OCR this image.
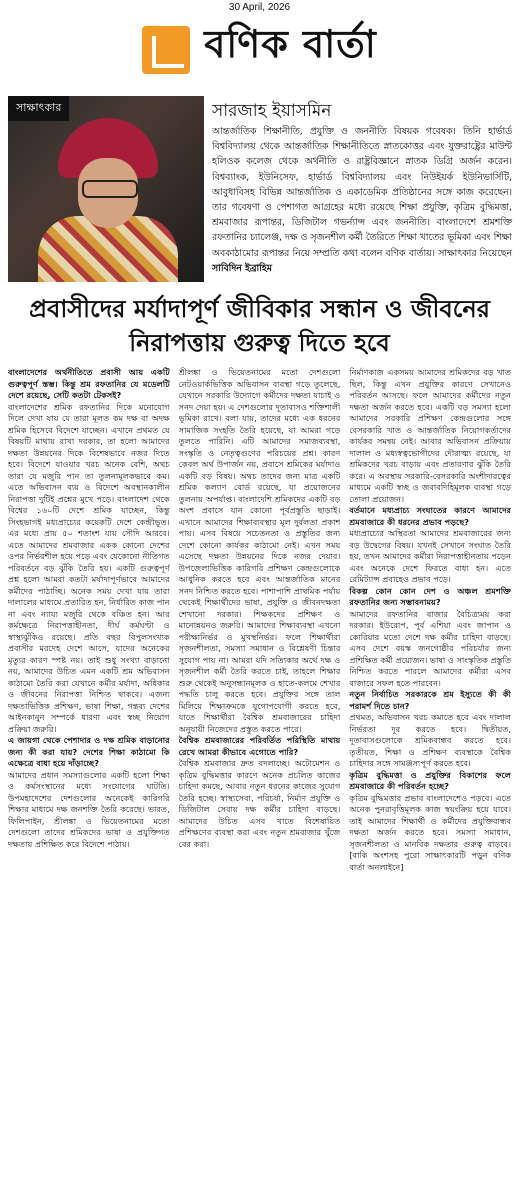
30 April, 2026
বণিক বার্তা
সাক্ষাৎকার	সারজাহ ইয়াসমিন
আন্তর্জাতিক শিক্ষানীতি, প্রযুক্তি ও জননীতি বিষয়ক গবেষক। তিনি হার্ভার্ড বিশ্ববিদ্যালয় থেকে আন্তর্জাতিক শিক্ষানীতিতে স্নাতকোত্তর এবং যুক্তরাষ্ট্রের মাউন্ট হলিওক কলেজ থেকে অর্থনীতি ও রাষ্ট্রবিজ্ঞানে স্নাতক ডিগ্রি অর্জন করেন। বিশ্বব্যাংক, ইউনিসেফ, হার্ভার্ড বিশ্ববিদ্যালয় এবং নিউইয়র্ক ইউনিভার্সিটি, আবুধাবিসহ বিভিন্ন আন্তর্জাতিক ও একাডেমিক প্রতিষ্ঠানের সঙ্গে কাজ করেছেন। তার গবেষণা ও পেশাগত আগ্রহের মধ্যে রয়েছে শিক্ষা প্রযুক্তি, কৃত্রিম বুদ্ধিমত্তা, শ্রমবাজার রূপান্তর, ডিজিটাল গভর্ন্যান্স এবং জননীতি। বাংলাদেশে শ্রমশক্তি রফতানির চ্যালেঞ্জ, দক্ষ ও সৃজনশীল কর্মী তৈরিতে শিক্ষা খাতের ভূমিকা এবং শিক্ষা অবকাঠামোর রূপান্তর নিয়ে সম্প্রতি কথা বলেন বণিক বার্তায়। সাক্ষাৎকার নিয়েছেন সাবিদিন ইব্রাহিম
প্রবাসীদের মর্যাদাপূর্ণ জীবিকার সন্ধান ও জীবনের নিরাপত্তায় গুরুত্ব দিতে হবে

বাংলাদেশের অর্থনীতিতে প্রবাসী আয় একটি গুরুত্বপূর্ণ স্তম্ভ। কিন্তু শ্রম রফতানির যে মডেলটি দেশে রয়েছে, সেটি কতটা টেকসই?

বাংলাদেশের শ্রমিক রফতানির দিকে মনোযোগ দিলে দেখা যায় যে তারা মূলত কম দক্ষ বা অদক্ষ শ্রমিক হিসেবে বিদেশে যাচ্ছেন। এখানে প্রথমত যে বিষয়টি মাথায় রাখা দরকার, তা হলো আমাদের দক্ষতা উন্নয়নের দিকে বিশেষভাবে নজর দিতে হবে। বিদেশে যাওয়ার খরচ অনেক বেশি, অথচ তারা যে মজুরি পান তা তুলনামূলকভাবে কম। এতে অভিবাসন ব্যয় ও বিদেশে অবস্থানকালীন নিরাপত্তা দুটিই প্রশ্নের মুখে পড়ে। বাংলাদেশ থেকে বিশ্বের ১৬০টি দেশে শ্রমিক যাচ্ছেন, কিন্তু সিংহভাগই মধ্যপ্রাচ্যের কয়েকটি দেশে কেন্দ্রীভূত। এর মধ্যে প্রায় ৫০ শতাংশ যায় সৌদি আরবে। এতে আমাদের শ্রমবাজার একক কোনো দেশের ওপর নির্ভরশীল হয়ে পড়ে এবং যেকোনো নীতিগত পরিবর্তনে বড় ঝুঁকি তৈরি হয়। একটি গুরুত্বপূর্ণ প্রশ্ন হলো আমরা কতটা মর্যাদাপূর্ণভাবে আমাদের কর্মীদের পাঠাচ্ছি। অনেক সময় দেখা যায় তারা দালালের মাধ্যমে প্রতারিত হন, নির্ধারিত কাজ পান না এবং ন্যায্য মজুরি থেকে বঞ্চিত হন। আর কর্মক্ষেত্রে নিরাপত্তাহীনতা, দীর্ঘ কর্মঘণ্টা ও স্বাস্থ্যঝুঁকিও রয়েছে। প্রতি বছর বিপুলসংখ্যক প্রবাসীর মরদেহ দেশে আসে, যাদের অনেকের মৃত্যুর কারণ স্পষ্ট নয়। তাই শুধু সংখ্যা বাড়ানো নয়, আমাদের উচিত এমন একটি শ্রম অভিবাসন কাঠামো তৈরি করা যেখানে কর্মীর মর্যাদা, অধিকার ও জীবনের নিরাপত্তা নিশ্চিত থাকবে। এজন্য দক্ষতাভিত্তিক প্রশিক্ষণ, ভাষা শিক্ষা, গন্তব্য দেশের আইনকানুন সম্পর্কে ধারণা এবং স্বচ্ছ নিয়োগ প্রক্রিয়া জরুরি।

এ জায়গা থেকে পেশাদার ও দক্ষ শ্রমিক বাড়ানোর জন্য কী করা যায়? দেশের শিক্ষা কাঠামো কি এক্ষেত্রে বাধা হয়ে দাঁড়াচ্ছে?

আমাদের প্রধান সমস্যাগুলোর একটি হলো শিক্ষা ও কর্মসংস্থানের মধ্যে সংযোগের ঘাটতি। উপমহাদেশের দেশগুলোর অনেকেই কারিগরি শিক্ষার মাধ্যমে দক্ষ জনশক্তি তৈরি করেছে। ভারত, ফিলিপাইন, শ্রীলঙ্কা ও ভিয়েতনামের মতো দেশগুলো তাদের শ্রমিকদের ভাষা ও প্রযুক্তিগত দক্ষতায় প্রশিক্ষিত করে বিদেশে পাঠায়।

শ্রীলঙ্কা ও ভিয়েতনামের মতো দেশগুলো নেটওয়ার্কভিত্তিক অভিবাসন ব্যবস্থা গড়ে তুলেছে, যেখানে সরকারি উদ্যোগে কর্মীদের দক্ষতা যাচাই ও সনদ দেয়া হয়। এ দেশগুলোর দূতাবাসও শক্তিশালী ভূমিকা রাখে। বলা যায়, তাদের মধ্যে এক ধরনের সামাজিক সংহতি তৈরি হয়েছে, যা আমরা গড়ে তুলতে পারিনি। এটি আমাদের সমাজব্যবস্থা, সংস্কৃতি ও নেতৃত্বগুণের পরিচয়ের প্রশ্ন। কারণ কেবল অর্থ উপার্জন নয়, প্রবাসে শ্রমিকের মর্যাদাও একটি বড় বিষয়। অথচ তাদের জন্য মাত্র একটি শ্রমিক কল্যাণ বোর্ড রয়েছে, যা প্রয়োজনের তুলনায় অপর্যাপ্ত। বাংলাদেশি শ্রমিকদের একটি বড় অংশ প্রবাসে যান কোনো পূর্বপ্রস্তুতি ছাড়াই। এখানে আমাদের শিক্ষাব্যবস্থার মূল দুর্বলতা প্রকাশ পায়। এসব বিষয়ে সচেতনতা ও প্রস্তুতির জন্য দেশে কোনো কার্যকর কাঠামো নেই। এখন সময় এসেছে দক্ষতা উন্নয়নের দিকে নজর দেয়ার। উপজেলাভিত্তিক কারিগরি প্রশিক্ষণ কেন্দ্রগুলোকে আধুনিক করতে হবে এবং আন্তর্জাতিক মানের সনদ নিশ্চিত করতে হবে। পাশাপাশি প্রাথমিক পর্যায় থেকেই শিক্ষার্থীদের ভাষা, প্রযুক্তি ও জীবনদক্ষতা শেখানো দরকার। শিক্ষকদের প্রশিক্ষণ ও মানোন্নয়নও জরুরি। আমাদের শিক্ষাব্যবস্থা এখনো পরীক্ষানির্ভর ও মুখস্থনির্ভর। ফলে শিক্ষার্থীরা সৃজনশীলতা, সমস্যা সমাধান ও বিশ্লেষণী চিন্তার সুযোগ পায় না। আমরা যদি সত্যিকার অর্থে দক্ষ ও সৃজনশীল কর্মী তৈরি করতে চাই, তাহলে শিক্ষার শুরু থেকেই অনুসন্ধানমূলক ও হাতে-কলমে শেখার পদ্ধতি চালু করতে হবে। প্রযুক্তির সঙ্গে তাল মিলিয়ে শিক্ষাক্রমকে যুগোপযোগী করতে হবে, যাতে শিক্ষার্থীরা বৈশ্বিক শ্রমবাজারের চাহিদা অনুযায়ী নিজেদের প্রস্তুত করতে পারে।

বৈশ্বিক শ্রমবাজারের পরিবর্তিত পরিস্থিতি মাথায় রেখে আমরা কীভাবে এগোতে পারি?

বৈশ্বিক শ্রমবাজার দ্রুত বদলাচ্ছে। অটোমেশন ও কৃত্রিম বুদ্ধিমত্তার কারণে অনেক প্রচলিত কাজের চাহিদা কমছে, আবার নতুন ধরনের কাজের সুযোগ তৈরি হচ্ছে। স্বাস্থ্যসেবা, পরিচর্যা, নির্মাণ প্রযুক্তি ও ডিজিটাল সেবায় দক্ষ কর্মীর চাহিদা বাড়ছে। আমাদের উচিত এসব খাতে বিশেষায়িত প্রশিক্ষণের ব্যবস্থা করা এবং নতুন শ্রমবাজার খুঁজে বের করা।

নির্মাণকাজ একসময় আমাদের শ্রমিকদের বড় খাত ছিল, কিন্তু এখন প্রযুক্তির কারণে সেখানেও পরিবর্তন আসছে। ফলে আমাদের কর্মীদের নতুন দক্ষতা অর্জন করতে হবে। একটি বড় সমস্যা হলো আমাদের সরকারি প্রশিক্ষণ কেন্দ্রগুলোর সঙ্গে বেসরকারি খাত ও আন্তর্জাতিক নিয়োগকর্তাদের কার্যকর সমন্বয় নেই। আবার অভিবাসন প্রক্রিয়ায় দালাল ও মধ্যস্বত্বভোগীদের দৌরাত্ম্য রয়েছে, যা শ্রমিকদের খরচ বাড়ায় এবং প্রতারণার ঝুঁকি তৈরি করে। এ অবস্থায় সরকারি-বেসরকারি অংশীদারত্বের মাধ্যমে একটি স্বচ্ছ ও জবাবদিহিমূলক ব্যবস্থা গড়ে তোলা প্রয়োজন।

বর্তমানে মধ্যপ্রাচ্য সংঘাতের কারণে আমাদের শ্রমবাজারে কী ধরনের প্রভাব পড়ছে?

মধ্যপ্রাচ্যের অস্থিরতা আমাদের শ্রমবাজারের জন্য বড় উদ্বেগের বিষয়। যখনই সেখানে সংঘাত তৈরি হয়, তখন আমাদের কর্মীরা নিরাপত্তাহীনতায় পড়েন এবং অনেকে দেশে ফিরতে বাধ্য হন। এতে রেমিট্যান্স প্রবাহেও প্রভাব পড়ে।

বিকল্প কোন কোন দেশ ও অঞ্চল শ্রমশক্তি রফতানির জন্য সম্ভাবনাময়?

আমাদের রফতানির বাজার বৈচিত্র্যময় করা দরকার। ইউরোপ, পূর্ব এশিয়া এবং জাপান ও কোরিয়ার মতো দেশে দক্ষ কর্মীর চাহিদা বাড়ছে। এসব দেশে বয়স্ক জনগোষ্ঠীর পরিচর্যার জন্য প্রশিক্ষিত কর্মী প্রয়োজন। ভাষা ও সাংস্কৃতিক প্রস্তুতি নিশ্চিত করতে পারলে আমাদের কর্মীরা এসব বাজারে সফল হতে পারবেন।

নতুন নির্বাচিত সরকারকে শ্রম ইস্যুতে কী কী পরামর্শ দিতে চান?

প্রথমত, অভিবাসন খরচ কমাতে হবে এবং দালাল নির্ভরতা দূর করতে হবে। দ্বিতীয়ত, দূতাবাসগুলোকে শ্রমিকবান্ধব করতে হবে। তৃতীয়ত, শিক্ষা ও প্রশিক্ষণ ব্যবস্থাকে বৈশ্বিক চাহিদার সঙ্গে সামঞ্জস্যপূর্ণ করতে হবে।

কৃত্রিম বুদ্ধিমত্তা ও প্রযুক্তির বিকাশের ফলে শ্রমবাজারে কী পরিবর্তন হচ্ছে?

কৃত্রিম বুদ্ধিমত্তার প্রভাব বাংলাদেশেও পড়বে। এতে অনেক পুনরাবৃত্তিমূলক কাজ স্বয়ংক্রিয় হয়ে যাবে। তাই আমাদের শিক্ষার্থী ও কর্মীদের প্রযুক্তিবান্ধব দক্ষতা অর্জন করতে হবে। সমস্যা সমাধান, সৃজনশীলতা ও মানবিক দক্ষতার গুরুত্ব বাড়বে। [বাকি অংশসহ পুরো সাক্ষাৎকারটি পড়ুন বণিক বার্তা অনলাইনে]
